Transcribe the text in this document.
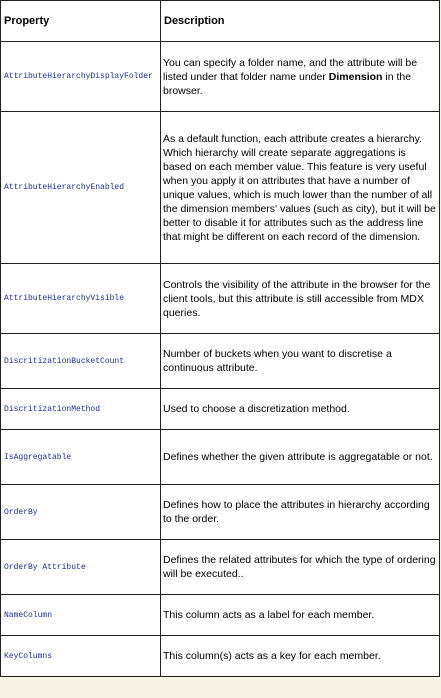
Property	Description
AttributeHierarchyDisplayFolder	You can specify a folder name, and the attribute will be listed under that folder name under Dimension in the browser.
AttributeHierarchyEnabled	As a default function, each attribute creates a hierarchy. Which hierarchy will create separate aggregations is based on each member value. This feature is very useful when you apply it on attributes that have a number of unique values, which is much lower than the number of all the dimension members' values (such as city), but it will be better to disable it for attributes such as the address line that might be different on each record of the dimension.
AttributeHierarchyVisible	Controls the visibility of the attribute in the browser for the client tools, but this attribute is still accessible from MDX queries.
DiscritizationBucketCount	Number of buckets when you want to discretise a continuous attribute.
DiscritizationMethod	Used to choose a discretization method.
IsAggregatable	Defines whether the given attribute is aggregatable or not.
OrderBy	Defines how to place the attributes in hierarchy according to the order.
OrderBy Attribute	Defines the related attributes for which the type of ordering will be executed..
NameColumn	This column acts as a label for each member.
KeyColumns	This column(s) acts as a key for each member.
